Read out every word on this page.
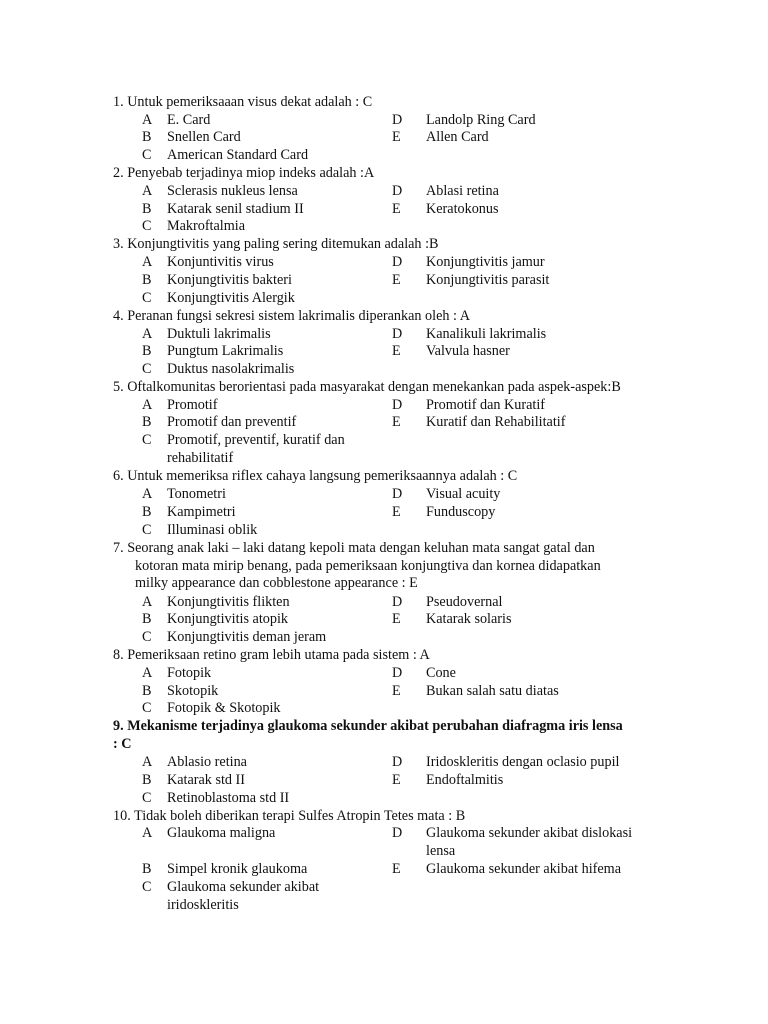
1. Untuk pemeriksaaan visus dekat adalah : C
A E. Card	D Landolp Ring Card
B Snellen Card	E Allen Card
C American Standard Card
2. Penyebab terjadinya miop indeks adalah :A
A Sclerasis nukleus lensa	D Ablasi retina
B Katarak senil stadium II	E Keratokonus
C Makroftalmia
3. Konjungtivitis yang paling sering ditemukan adalah :B
A Konjuntivitis virus	D Konjungtivitis jamur
B Konjungtivitis bakteri	E Konjungtivitis parasit
C Konjungtivitis Alergik
4. Peranan fungsi sekresi sistem lakrimalis diperankan oleh : A
A Duktuli lakrimalis	D Kanalikuli lakrimalis
B Pungtum Lakrimalis	E Valvula hasner
C Duktus nasolakrimalis
5. Oftalkomunitas berorientasi pada masyarakat dengan menekankan pada aspek-aspek:B
A Promotif	D Promotif dan Kuratif
B Promotif dan preventif	E Kuratif dan Rehabilitatif
C Promotif, preventif, kuratif dan
rehabilitatif
6. Untuk memeriksa riflex cahaya langsung pemeriksaannya adalah : C
A Tonometri	D Visual acuity
B Kampimetri	E Funduscopy
C Illuminasi oblik
7. Seorang anak laki – laki datang kepoli mata dengan keluhan mata sangat gatal dan
kotoran mata mirip benang, pada pemeriksaan konjungtiva dan kornea didapatkan
milky appearance dan cobblestone appearance : E
A Konjungtivitis flikten	D Pseudovernal
B Konjungtivitis atopik	E Katarak solaris
C Konjungtivitis deman jeram
8. Pemeriksaan retino gram lebih utama pada sistem : A
A Fotopik	D Cone
B Skotopik	E Bukan salah satu diatas
C Fotopik & Skotopik
9. Mekanisme terjadinya glaukoma sekunder akibat perubahan diafragma iris lensa
: C
A Ablasio retina	D Iridoskleritis dengan oclasio pupil
B Katarak std II	E Endoftalmitis
C Retinoblastoma std II
10. Tidak boleh diberikan terapi Sulfes Atropin Tetes mata : B
A Glaukoma maligna	D Glaukoma sekunder akibat dislokasi
lensa
B Simpel kronik glaukoma	E Glaukoma sekunder akibat hifema
C Glaukoma sekunder akibat
iridoskleritis
